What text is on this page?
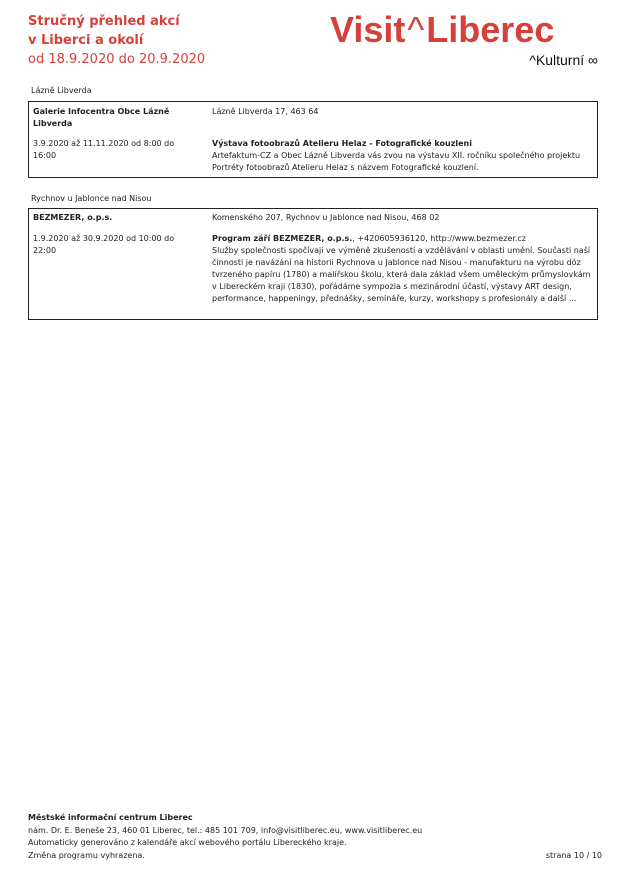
Stručný přehled akcí
v Liberci a okolí
od 18.9.2020 do 20.9.2020
Visit^Liberec
^Kulturní ∞
Lázně Libverda
Galerie Infocentra Obce Lázně Libverda
Lázně Libverda 17, 463 64
3.9.2020 až 11.11.2020 od 8:00 do 16:00
Výstava fotoobrazů Atelieru Helaz - Fotografické kouzleni
Artefaktum-CZ a Obec Lázně Libverda vás zvou na výstavu XII. ročníku společného projektu Portréty fotoobrazů Atelieru Helaz s názvem Fotografické kouzlení.
Rychnov u Jablonce nad Nisou
BEZMEZER, o.p.s.	Komenského 207, Rychnov u Jablonce nad Nisou, 468 02
1.9.2020 až 30.9.2020 od 10:00 do 22:00
Program září BEZMEZER, o.p.s., +420605936120, http://www.bezmezer.cz
Služby společnosti spočívají ve výměně zkušeností a vzdělávání v oblasti umění. Současti naší činnosti je navázání na historii Rychnova u Jablonce nad Nisou - manufakturu na výrobu dóz tvrzeného papíru (1780) a malířskou školu, která dala základ všem uměleckým průmyslovkám v Libereckém kraji (1830), pořádáme sympozia s mezinárodní účastí, výstavy ART design, performance, happeningy, přednášky, semináře, kurzy, workshopy s profesionály a další ...
Městské informační centrum Liberec
nám. Dr. E. Beneše 23, 460 01 Liberec, tel.: 485 101 709, info@visitliberec.eu, www.visitliberec.eu
Automaticky generováno z kalendáře akcí webového portálu Libereckého kraje.
Změna programu vyhrazena.	strana 10 / 10
